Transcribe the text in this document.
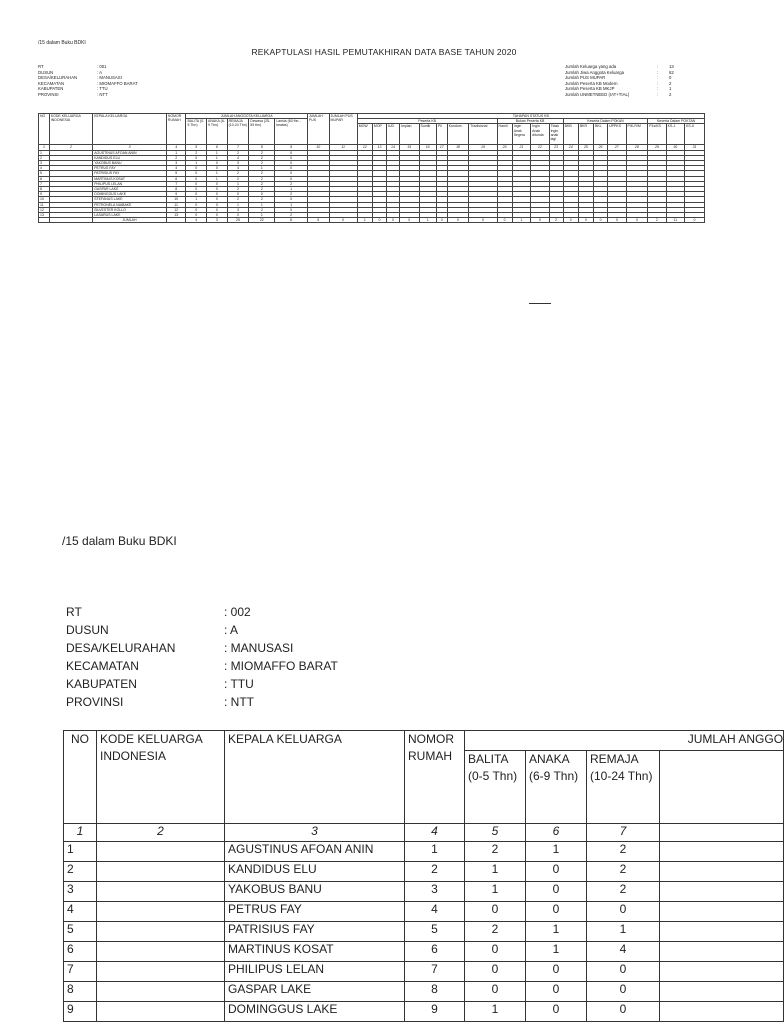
/15 dalam Buku BDKI
REKAPTULASI HASIL PEMUTAKHIRAN DATA BASE TAHUN 2020
RT	: 001
DUSUN	: A
DESA/KELURAHAN	: MANUSASI
KECAMATAN	: MIOMAFFO BARAT
KABUPATEN	: TTU
PROVINSI	: NTT
Jumlah Keluarga yang ada	:	13
Jumlah Jiwa Anggota Keluarga	:	62
Jumlah PUS MUPAR	:	0
Jumlah Peserta KB Modern	:	2
Jumlah Peserta KB MKJP	:	1
Jumlah UNMETNEED (IAT+TIAL)	:	2
NO	KODE KELUARGA INDONESIA	KEPALA KELUARGA	NOMOR RUMAH	JUMLAH ANGGOTA KELUARGA					JUMLAH PUS	JUMLAH PUS MUPAR	TAHAPAN STATUS KB																			
				BALITA (0-5 Thn)	ANAKA (6-9 Thn)	REMAJA (10-24 Thn)	Dewasa (25-59 thn)	Lansia (60 thn - keatas)			Peserta KB								Bukan Peserta KB				Keserta Dalam POKAN					Keserta Dalam POKTAN		
											MOW	MOP	IUD	Implan	Suntik	Pil	Kondom	Tradisional	Hamil	Ingin Anak Segera	Ingin Anak ditunda	Tidak Ingin anak lagi	BKB	BKR	BKL	UPPKS	PIK-R/M	P1s/KS	KS-1	KS-II
1	2	3	4	5	6	7	8	9	10	11	12	13	14	15	16	17	18	19	20	21	22	23	24	25	26	27	28	29	30	31
1		AGUSTINUS AFOAN ANIN	1	2	1	2	2	0																						
2		KANDIDUS ELU	2	0	1	4	2	0																						
3		YAKOBUS BANU	3	1	0	3	2	0																						
4		PETRUS FAY	4	0	0	4	1	0																						
5		PATRISIUS FAY	5	0	1	2	2	0																						
6		MARTINUS KOSAT	6	0	1	2	2	0																						
7		PHILIPUS LELAN	7	0	0	1	2	2																						
8		GASPAR LAKE	8	0	0	2	2	1																						
9		DOMINGGUS LAKE	9	0	0	0	0	2																						
10		STEFANUS LAKE	10	1	0	2	2	0																						
11		PETRONELA NAIBAKE	11	0	0	1	1	1																						
12		SILVESTER KOLLO	12	0	0	3	2	0																						
13		LASARUS LAKE	13	0	0	0	1	2																						
		JUMLAH		4	3	25	22	8	5	0	1	0	0	0	1	0	0	0	0	1	0	2	0	0	0	0	0	2	11	0
/15 dalam Buku BDKI
RT	: 002
DUSUN	: A
DESA/KELURAHAN	: MANUSASI
KECAMATAN	: MIOMAFFO BARAT
KABUPATEN	: TTU
PROVINSI	: NTT
NO	KODE KELUARGA INDONESIA	KEPALA KELUARGA	NOMOR RUMAH	JUMLAH ANGGO			
				BALITA (0-5 Thn)	ANAKA (6-9 Thn)	REMAJA (10-24 Thn)	
1	2	3	4	5	6	7	
1		AGUSTINUS AFOAN ANIN	1	2	1	2	
2		KANDIDUS ELU	2	1	0	2	
3		YAKOBUS BANU	3	1	0	2	
4		PETRUS FAY	4	0	0	0	
5		PATRISIUS FAY	5	2	1	1	
6		MARTINUS KOSAT	6	0	1	4	
7		PHILIPUS LELAN	7	0	0	0	
8		GASPAR LAKE	8	0	0	0	
9		DOMINGGUS LAKE	9	1	0	0	
